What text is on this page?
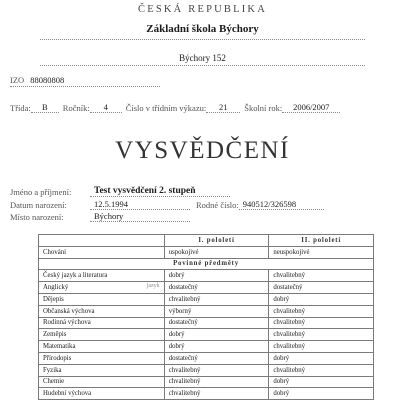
ČESKÁ REPUBLIKA
Základní škola Býchory
Býchory 152
IZO 88080808
Třída:	B	Ročník:	4	Číslo v třídním výkazu:	21	Školní rok:	2006/2007
VYSVĚDČENÍ
Jméno a příjmení:	Test vysvědčení 2. stupeň
Datum narození:	12.5.1994	Rodné číslo: 940512/326598
Místo narození:	Býchory
	I. pololetí	II. pololetí
Chování	uspokojivé	neuspokojivé
Povinné předměty		
Český jazyk a literatura	dobrý	chvalitebný
Anglický jazyk	dostatečný	dostatečný
Dějepis	chvalitebný	dobrý
Občanská výchova	výborný	chvalitebný
Rodinná výchova	dostatečný	chvalitebný
Zeměpis	dobrý	chvalitebný
Matematika	dobrý	chvalitebný
Přírodopis	dostatečný	dobrý
Fyzika	chvalitebný	chvalitebný
Chemie	chvalitebný	dobrý
Hudební výchova	chvalitebný	dobrý
